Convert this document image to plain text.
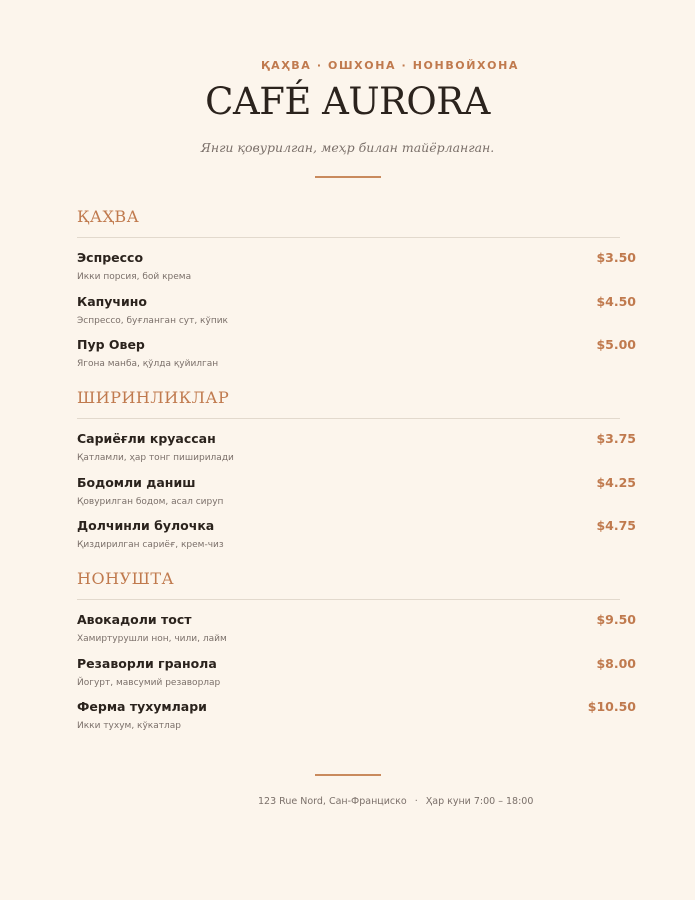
ҚАҲВА · ОШХОНА · НОНВОЙХОНА
CAFÉ AURORA
Янги қовурилган, меҳр билан тайёрланган.
ҚАҲВА
Эспрессо
Икки порсия, бой крема
$3.50
Капучино
Эспрессо, буғланган сут, кўпик
$4.50
Пур Овер
Ягона манба, қўлда қуйилган
$5.00
ШИРИНЛИКЛАР
Сариёғли круассан
Қатламли, ҳар тонг пиширилади
$3.75
Бодомли даниш
Қовурилган бодом, асал сируп
$4.25
Долчинли булочка
Қиздирилган сариёғ, крем-чиз
$4.75
НОНУШТА
Авокадоли тост
Хамиртурушли нон, чили, лайм
$9.50
Резаворли гранола
Йогурт, мавсумий резаворлар
$8.00
Ферма тухумлари
Икки тухум, кўкатлар
$10.50
123 Rue Nord, Сан-Франциско · Ҳар куни 7:00 – 18:00
